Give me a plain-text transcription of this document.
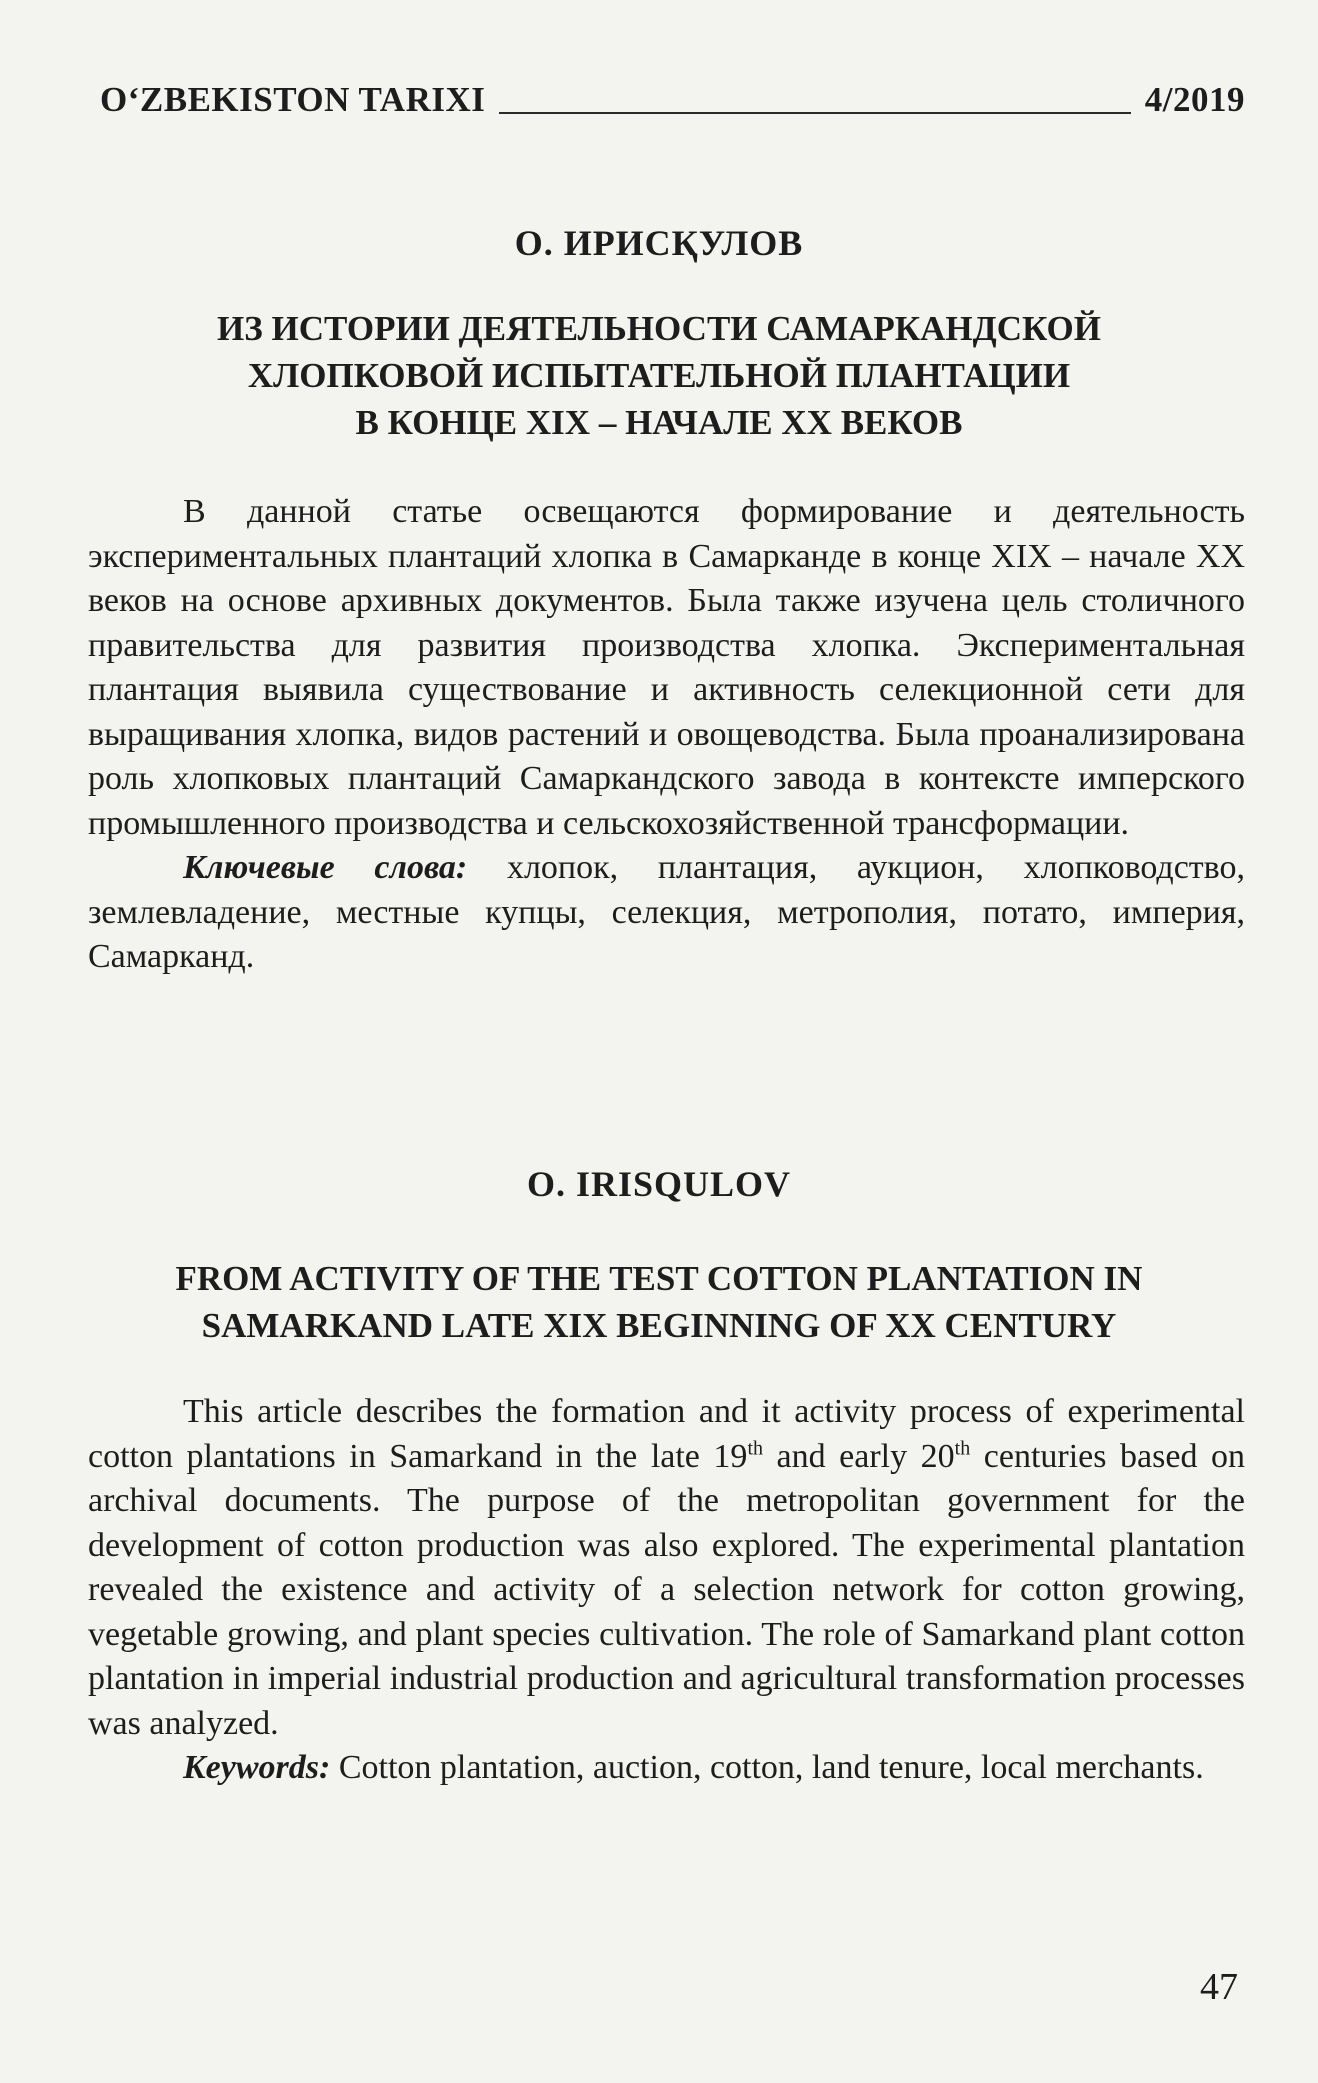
O‘ZBEKISTON TARIXI	4/2019
О. ИРИСҚУЛОВ
ИЗ ИСТОРИИ ДЕЯТЕЛЬНОСТИ САМАРКАНДСКОЙ
ХЛОПКОВОЙ ИСПЫТАТЕЛЬНОЙ ПЛАНТАЦИИ
В КОНЦЕ XIX – НАЧАЛЕ XX ВЕКОВ

В данной статье освещаются формирование и деятельность экспериментальных плантаций хлопка в Самарканде в конце XIX – начале XX веков на основе архивных документов. Была также изучена цель столичного правительства для развития производства хлопка. Экспериментальная плантация выявила существование и активность селекционной сети для выращивания хлопка, видов растений и овощеводства. Была проанализирована роль хлопковых плантаций Самаркандского завода в контексте имперского промышленного производства и сельскохозяйственной трансформации.

Ключевые слова: хлопок, плантация, аукцион, хлопководство, землевладение, местные купцы, селекция, метрополия, потато, империя, Самарканд.

O. IRISQULOV
FROM ACTIVITY OF THE TEST COTTON PLANTATION IN
SAMARKAND LATE XIX BEGINNING OF XX CENTURY

This article describes the formation and it activity process of experimental cotton plantations in Samarkand in the late 19th and early 20th centuries based on archival documents. The purpose of the metropolitan government for the development of cotton production was also explored. The experimental plantation revealed the existence and activity of a selection network for cotton growing, vegetable growing, and plant species cultivation. The role of Samarkand plant cotton plantation in imperial industrial production and agricultural transformation processes was analyzed.

Keywords: Cotton plantation, auction, cotton, land tenure, local merchants.

47
